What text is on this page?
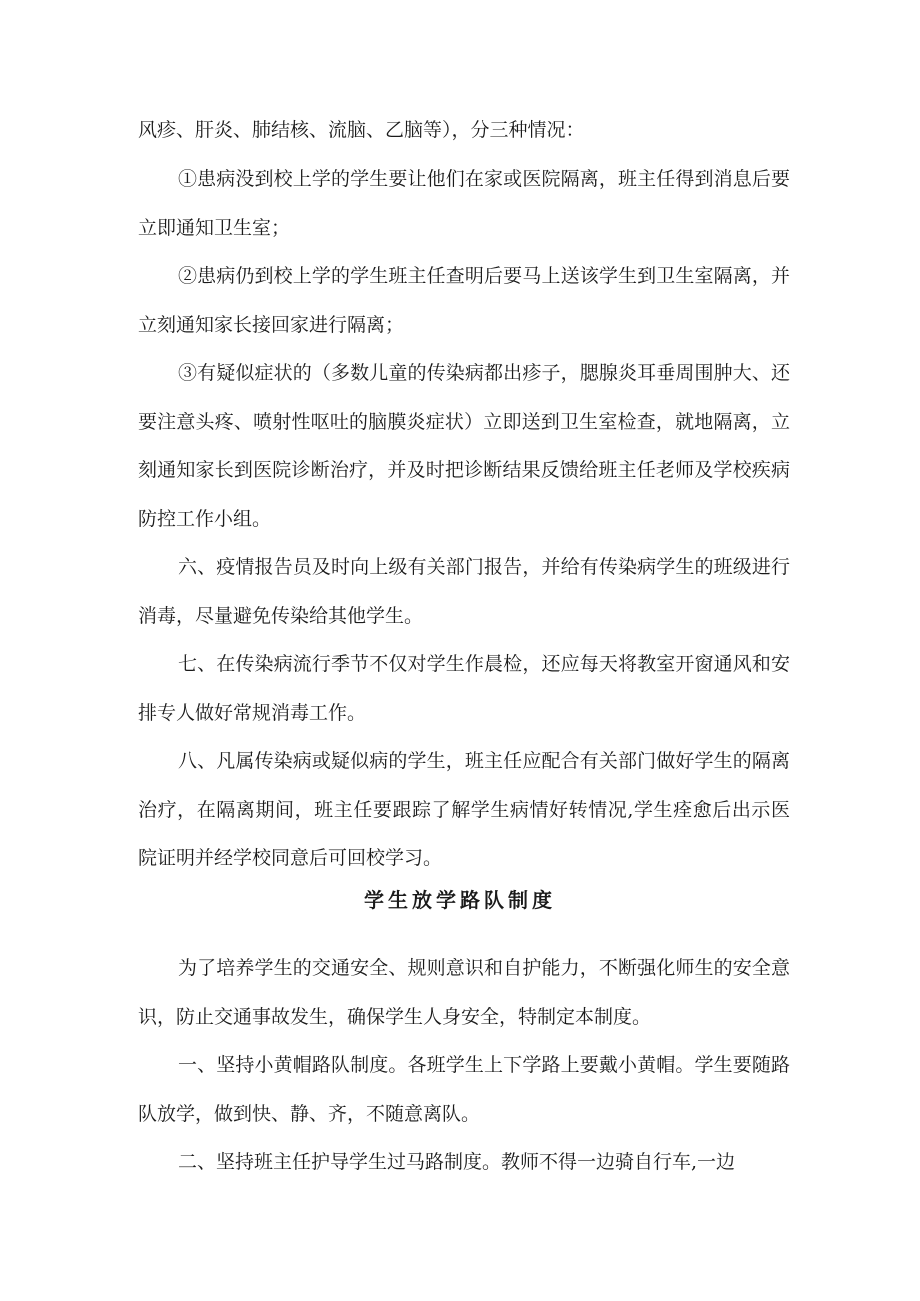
风疹、肝炎、肺结核、流脑、乙脑等），分三种情况：

①患病没到校上学的学生要让他们在家或医院隔离，班主任得到消息后要立即通知卫生室；

②患病仍到校上学的学生班主任查明后要马上送该学生到卫生室隔离，并立刻通知家长接回家进行隔离；

③有疑似症状的（多数儿童的传染病都出疹子，腮腺炎耳垂周围肿大、还要注意头疼、喷射性呕吐的脑膜炎症状）立即送到卫生室检查，就地隔离，立刻通知家长到医院诊断治疗，并及时把诊断结果反馈给班主任老师及学校疾病防控工作小组。

六、疫情报告员及时向上级有关部门报告，并给有传染病学生的班级进行消毒，尽量避免传染给其他学生。

七、在传染病流行季节不仅对学生作晨检，还应每天将教室开窗通风和安排专人做好常规消毒工作。

八、凡属传染病或疑似病的学生，班主任应配合有关部门做好学生的隔离治疗，在隔离期间，班主任要跟踪了解学生病情好转情况,学生痊愈后出示医院证明并经学校同意后可回校学习。

学生放学路队制度

为了培养学生的交通安全、规则意识和自护能力，不断强化师生的安全意识，防止交通事故发生，确保学生人身安全，特制定本制度。

一、坚持小黄帽路队制度。各班学生上下学路上要戴小黄帽。学生要随路队放学，做到快、静、齐，不随意离队。

二、坚持班主任护导学生过马路制度。教师不得一边骑自行车,一边
